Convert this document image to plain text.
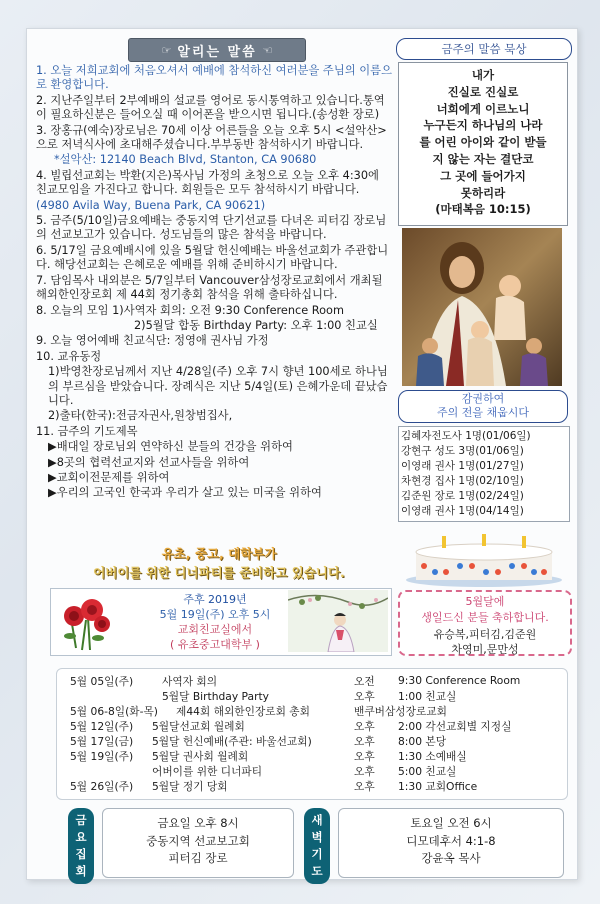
☞ 알리는 말씀 ☜

1. 오늘 저희교회에 처음오셔서 예배에 참석하신 여러분을 주님의 이름으로 환영합니다.

2. 지난주일부터 2부예배의 설교를 영어로 동시통역하고 있습니다.통역이 필요하신분은 들어오실 때 이어폰을 받으시면 됩니다.(송성환 장로)

3. 장홍규(예숙)장로님은 70세 이상 어른들을 오늘 오후 5시 <설악산>으로 저녁식사에 초대해주셨습니다.부부동반 참석하시기 바랍니다.

*설악산: 12140 Beach Blvd, Stanton, CA 90680

4. 빌립선교회는 박환(지은)목사님 가정의 초청으로 오늘 오후 4:30에 친교모임을 가진다고 합니다. 회원들은 모두 참석하시기 바랍니다.

(4980 Avila Way, Buena Park, CA 90621)

5. 금주(5/10일)금요예배는 중동지역 단기선교를 다녀온 피터김 장로님의 선교보고가 있습니다. 성도님들의 많은 참석을 바랍니다.

6. 5/17일 금요예배시에 있을 5월달 헌신예배는 바울선교회가 주관합니다. 해당선교회는 은혜로운 예배를 위해 준비하시기 바랍니다.

7. 담임목사 내외분은 5/7일부터 Vancouver삼성장로교회에서 개최될 해외한인장로회 제 44회 정기총회 참석을 위해 출타하십니다.

8. 오늘의 모임 1)사역자 회의: 오전 9:30 Conference Room

2)5월달 합동 Birthday Party: 오후 1:00 친교실

9. 오늘 영어예배 친교식단: 정영애 권사님 가정

10. 교유동정

1)박영찬장로님께서 지난 4/28일(주) 오후 7시 향년 100세로 하나님의 부르심을 받았습니다. 장례식은 지난 5/4일(토) 은혜가운데 끝났습니다.

2)출타(한국):전금자권사,원창범집사,

11. 금주의 기도제목

▶배대일 장로님외 연약하신 분들의 건강을 위하여

▶8곳의 협력선교지와 선교사들을 위하여

▶교회이전문제를 위하여

▶우리의 고국인 한국과 우리가 살고 있는 미국을 위하여

금주의 말씀 묵상
내가
진실로 진실로
너희에게 이르노니
누구든지 하나님의 나라
를 어린 아이와 같이 받들
지 않는 자는 결단코
그 곳에 들어가지
못하리라
(마태복음 10:15)
감권하여
주의 전을 채웁시다
김혜자전도사 1명(01/06일)
강현구 성도 3명(01/06일)
이영래 권사 1명(01/27일)
차현경 집사 1명(02/10일)
김준원 장로 1명(02/24일)
이영래 권사 1명(04/14일)
5월달에
생일드신 분들 축하합니다.
유승복,피터김,김준원
차영미,문만성
유초, 중고, 대학부가
어버이를 위한 디너파티를 준비하고 있습니다.
주후 2019년
5월 19일(주) 오후 5시
교회친교실에서
( 유초중고대학부 )
5월 05일(주)	사역자 회의	오전 9:30 Conference Room
5월달 Birthday Party	오후 1:00 친교실
5월 06-8일(화-목) 제44회 해외한인장로회 총회	밴쿠버삼성장로교회
5월 12일(주) 5월달선교회 월례회	오후 2:00 각선교회별 지정실
5월 17일(금) 5월달 헌신예배(주관: 바울선교회)	오후 8:00 본당
5월 19일(주) 5월달 권사회 월례회	오후 1:30 소예배실
어버이를 위한 디너파티	오후 5:00 친교실
5월 26일(주) 5월달 정기 당회	오후 1:30 교회Office
금
요
집
회
금요일 오후 8시
중동지역 선교보고회
피터김 장로
새
벽
기
도
토요일 오전 6시
디모데후서 4:1-8
강윤옥 목사
